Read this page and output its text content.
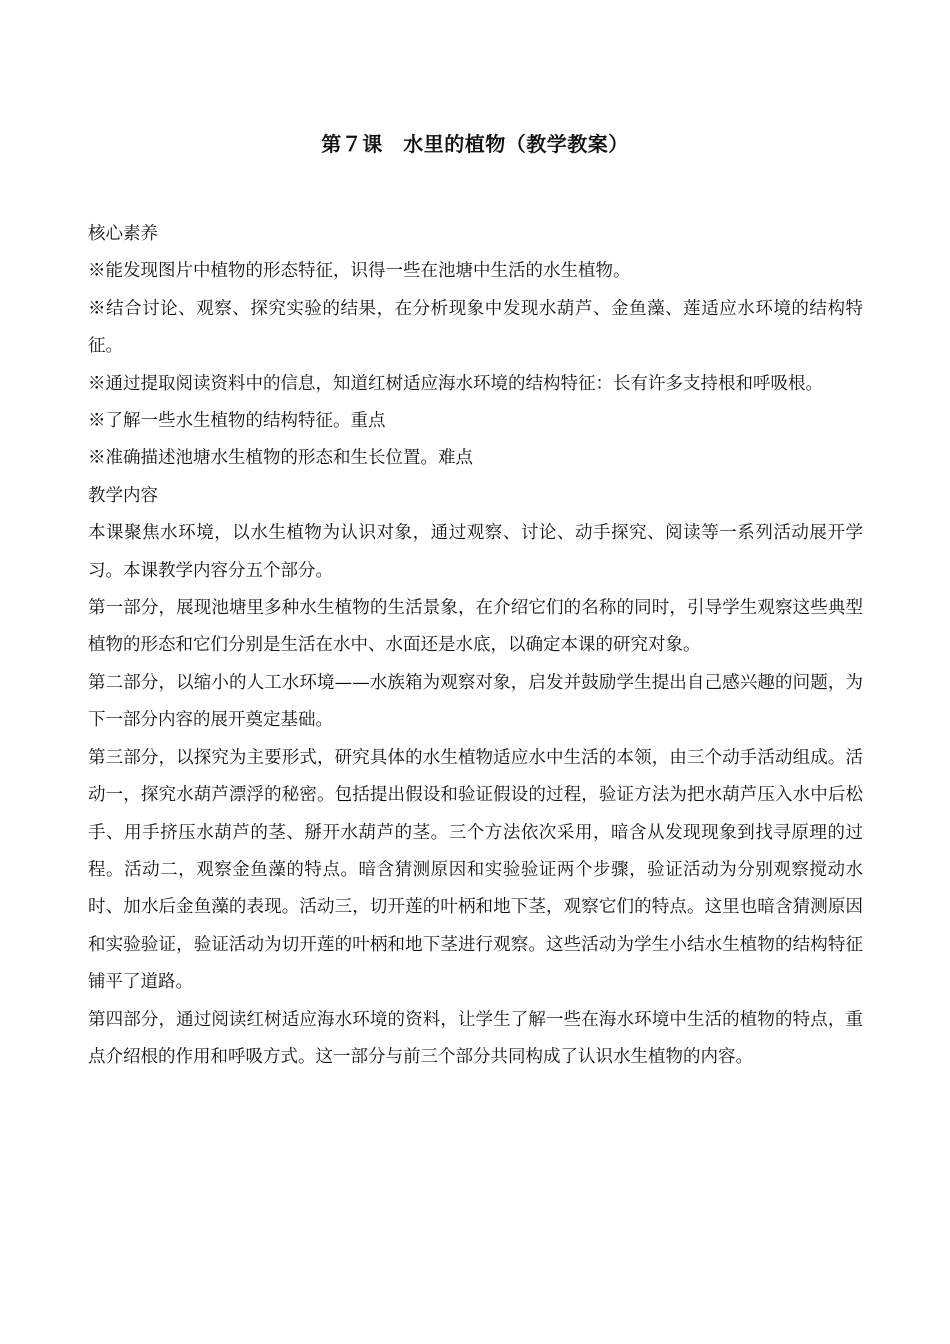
第７课　水里的植物（教学教案）

核心素养

※能发现图片中植物的形态特征，识得一些在池塘中生活的水生植物。

※结合讨论、观察、探究实验的结果，在分析现象中发现水葫芦、金鱼藻、莲适应水环境的结构特征。

※通过提取阅读资料中的信息，知道红树适应海水环境的结构特征：长有许多支持根和呼吸根。

※了解一些水生植物的结构特征。重点

※准确描述池塘水生植物的形态和生长位置。难点

教学内容

本课聚焦水环境，以水生植物为认识对象，通过观察、讨论、动手探究、阅读等一系列活动展开学习。本课教学内容分五个部分。

第一部分，展现池塘里多种水生植物的生活景象，在介绍它们的名称的同时，引导学生观察这些典型植物的形态和它们分别是生活在水中、水面还是水底，以确定本课的研究对象。

第二部分，以缩小的人工水环境——水族箱为观察对象，启发并鼓励学生提出自己感兴趣的问题，为下一部分内容的展开奠定基础。

第三部分，以探究为主要形式，研究具体的水生植物适应水中生活的本领，由三个动手活动组成。活动一，探究水葫芦漂浮的秘密。包括提出假设和验证假设的过程，验证方法为把水葫芦压入水中后松手、用手挤压水葫芦的茎、掰开水葫芦的茎。三个方法依次采用，暗含从发现现象到找寻原理的过程。活动二，观察金鱼藻的特点。暗含猜测原因和实验验证两个步骤，验证活动为分别观察搅动水时、加水后金鱼藻的表现。活动三，切开莲的叶柄和地下茎，观察它们的特点。这里也暗含猜测原因和实验验证，验证活动为切开莲的叶柄和地下茎进行观察。这些活动为学生小结水生植物的结构特征铺平了道路。

第四部分，通过阅读红树适应海水环境的资料，让学生了解一些在海水环境中生活的植物的特点，重点介绍根的作用和呼吸方式。这一部分与前三个部分共同构成了认识水生植物的内容。
